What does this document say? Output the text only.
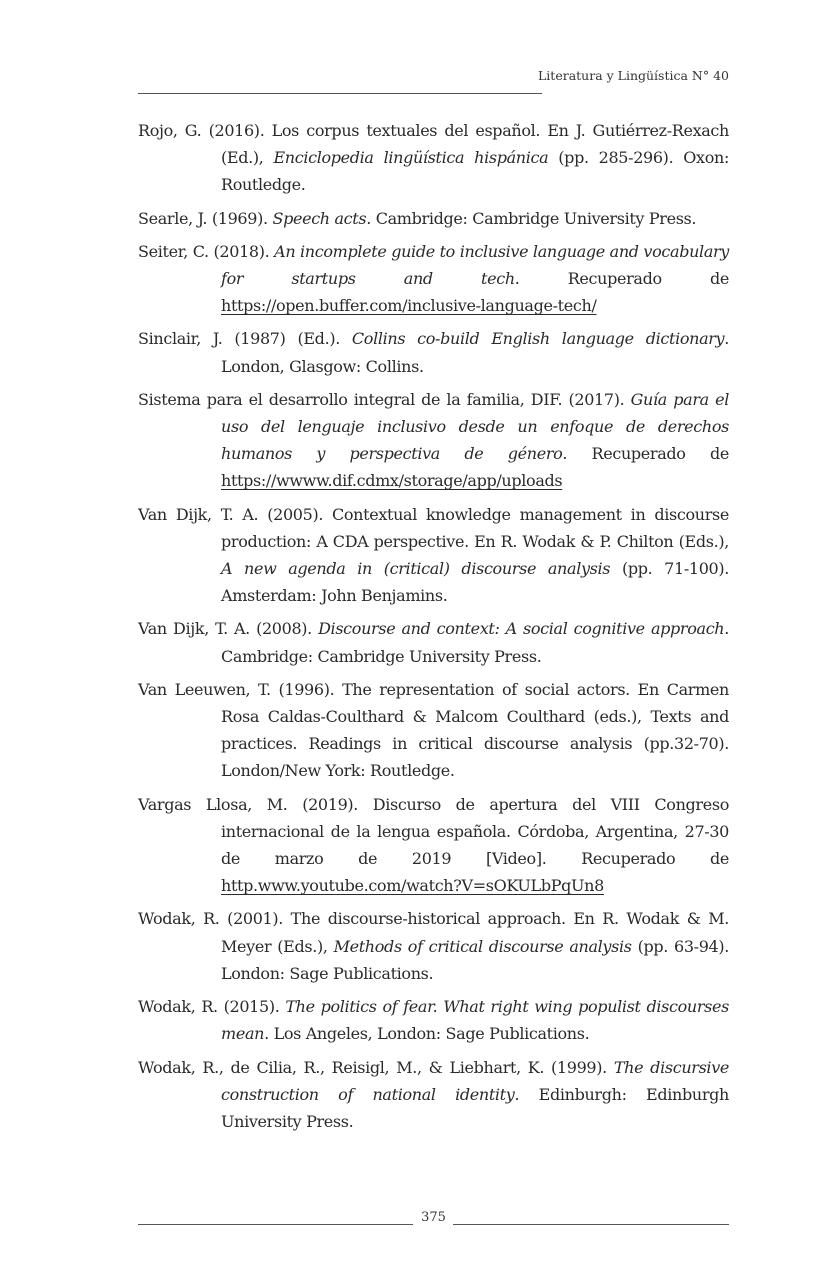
Literatura y Lingüística N° 40

Rojo, G. (2016). Los corpus textuales del español. En J. Gutiérrez-Rexach (Ed.), Enciclopedia lingüística hispánica (pp. 285-296). Oxon: Routledge.

Searle, J. (1969). Speech acts. Cambridge: Cambridge University Press.

Seiter, C. (2018). An incomplete guide to inclusive language and vocabulary for startups and tech. Recuperado de https://open.buffer.com/inclusive-language-tech/

Sinclair, J. (1987) (Ed.). Collins co-build English language dictionary. London, Glasgow: Collins.

Sistema para el desarrollo integral de la familia, DIF. (2017). Guía para el uso del lenguaje inclusivo desde un enfoque de derechos humanos y perspectiva de género. Recuperado de https://wwww.dif.cdmx/storage/app/uploads

Van Dijk, T. A. (2005). Contextual knowledge management in discourse production: A CDA perspective. En R. Wodak & P. Chilton (Eds.), A new agenda in (critical) discourse analysis (pp. 71-100). Amsterdam: John Benjamins.

Van Dijk, T. A. (2008). Discourse and context: A social cognitive approach. Cambridge: Cambridge University Press.

Van Leeuwen, T. (1996). The representation of social actors. En Carmen Rosa Caldas-Coulthard & Malcom Coulthard (eds.), Texts and practices. Readings in critical discourse analysis (pp.32-70). London/New York: Routledge.

Vargas Llosa, M. (2019). Discurso de apertura del VIII Congreso internacional de la lengua española. Córdoba, Argentina, 27-30 de marzo de 2019 [Video]. Recuperado de http.www.youtube.com/watch?V=sOKULbPqUn8

Wodak, R. (2001). The discourse-historical approach. En R. Wodak & M. Meyer (Eds.), Methods of critical discourse analysis (pp. 63-94). London: Sage Publications.

Wodak, R. (2015). The politics of fear. What right wing populist discourses mean. Los Angeles, London: Sage Publications.

Wodak, R., de Cilia, R., Reisigl, M., & Liebhart, K. (1999). The discursive construction of national identity. Edinburgh: Edinburgh University Press.

375
